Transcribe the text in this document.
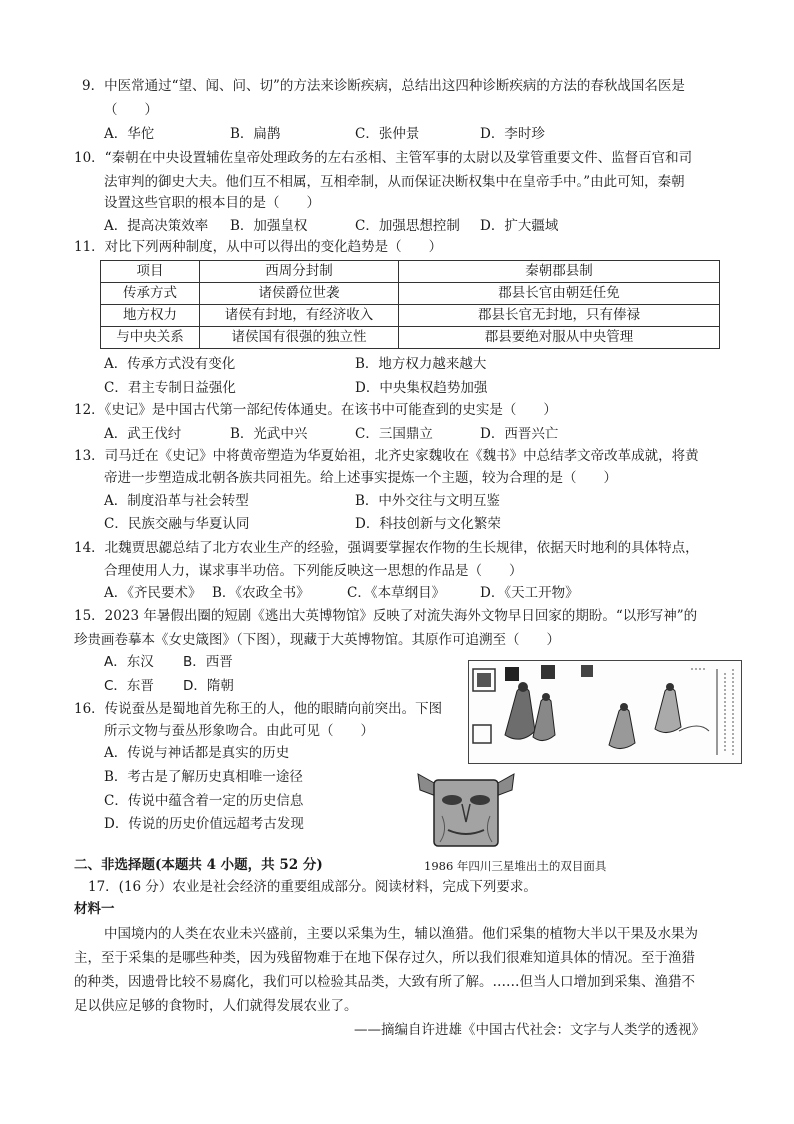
9．中医常通过“望、闻、问、切”的方法来诊断疾病，总结出这四种诊断疾病的方法的春秋战国名医是
（　　）
A．华佗	B．扁鹊	C．张仲景	D．李时珍
10．“秦朝在中央设置辅佐皇帝处理政务的左右丞相、主管军事的太尉以及掌管重要文件、监督百官和司
法审判的御史大夫。他们互不相属，互相牵制，从而保证决断权集中在皇帝手中。”由此可知，秦朝
设置这些官职的根本目的是（　　）
A．提高决策效率 B．加强皇权	C．加强思想控制 D．扩大疆域
11．对比下列两种制度，从中可以得出的变化趋势是（　　）
项目	西周分封制	秦朝郡县制
传承方式	诸侯爵位世袭	郡县长官由朝廷任免
地方权力	诸侯有封地，有经济收入	郡县长官无封地，只有俸禄
与中央关系	诸侯国有很强的独立性	郡县要绝对服从中央管理
A．传承方式没有变化	B．地方权力越来越大
C．君主专制日益强化	D．中央集权趋势加强
12．《史记》是中国古代第一部纪传体通史。在该书中可能查到的史实是（　　）
A．武王伐纣	B．光武中兴	C．三国鼎立	D．西晋兴亡
13．司马迁在《史记》中将黄帝塑造为华夏始祖，北齐史家魏收在《魏书》中总结孝文帝改革成就，将黄
帝进一步塑造成北朝各族共同祖先。给上述事实提炼一个主题，较为合理的是（　　）
A．制度沿革与社会转型	B．中外交往与文明互鉴
C．民族交融与华夏认同	D．科技创新与文化繁荣
14．北魏贾思勰总结了北方农业生产的经验，强调要掌握农作物的生长规律，依据天时地利的具体特点，
合理使用人力，谋求事半功倍。下列能反映这一思想的作品是（　　）
A．《齐民要术》 B．《农政全书》	C．《本草纲目》	D．《天工开物》
15．2023 年暑假出圈的短剧《逃出大英博物馆》反映了对流失海外文物早日回家的期盼。“以形写神”的
珍贵画卷摹本《女史箴图》（下图），现藏于大英博物馆。其原作可追溯至（　　）
A．东汉 B．西晋
C．东晋 D．隋朝
16．传说蚕丛是蜀地首先称王的人，他的眼睛向前突出。下图
所示文物与蚕丛形象吻合。由此可见（　　）
A．传说与神话都是真实的历史
B．考古是了解历史真相唯一途径
C．传说中蕴含着一定的历史信息
D．传说的历史价值远超考古发现
二、非选择题(本题共 4 小题，共 52 分)	1986 年四川三星堆出土的双目面具
17．(16 分）农业是社会经济的重要组成部分。阅读材料，完成下列要求。
材料一
中国境内的人类在农业未兴盛前，主要以采集为生，辅以渔猎。他们采集的植物大半以干果及水果为
主，至于采集的是哪些种类，因为残留物难于在地下保存过久，所以我们很难知道具体的情况。至于渔猎
的种类，因遗骨比较不易腐化，我们可以检验其品类，大致有所了解。……但当人口增加到采集、渔猎不
足以供应足够的食物时，人们就得发展农业了。
——摘编自许进雄《中国古代社会：文字与人类学的透视》
